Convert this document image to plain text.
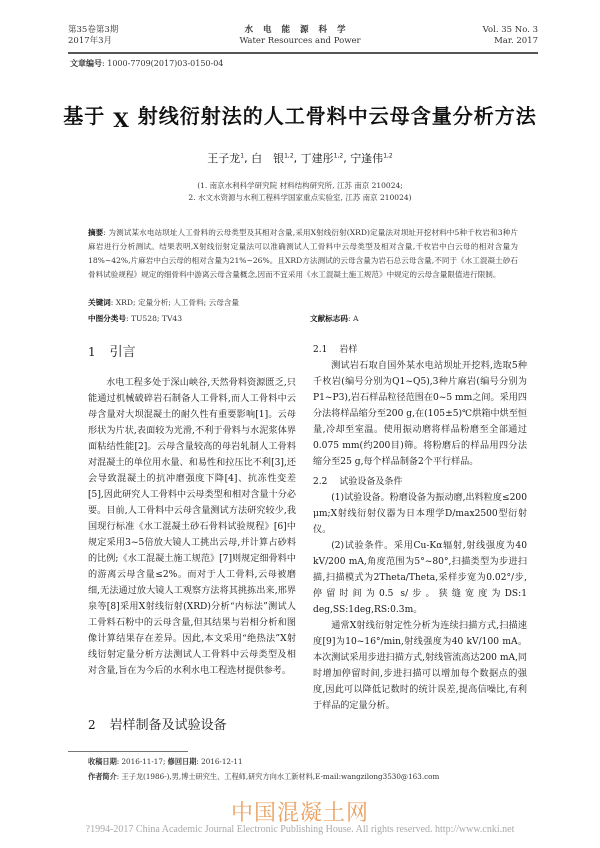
第35卷第3期
2017年3月
水电能源科学
Water Resources and Power
Vol. 35 No. 3
Mar. 2017
文章编号: 1000-7709(2017)03-0150-04
基于 X 射线衍射法的人工骨料中云母含量分析方法
王子龙$^1$, 白　银$^{1,2}$, 丁建彤$^{1,2}$, 宁逢伟$^{1,2}$
(1. 南京水利科学研究院 材料结构研究所, 江苏 南京 210024;
2. 水文水资源与水利工程科学国家重点实验室, 江苏 南京 210024)
摘要: 为测试某水电站坝址人工骨料的云母类型及其相对含量,采用X射线衍射(XRD)定量法对坝址开挖材料中5种千枚岩和3种片麻岩进行分析测试。结果表明,X射线衍射定量法可以准确测试人工骨料中云母类型及相对含量,千枚岩中白云母的相对含量为18%~42%,片麻岩中白云母的相对含量为21%~26%。且XRD方法测试的云母含量为岩石总云母含量,不同于《水工混凝土砂石骨料试验规程》规定的细骨料中游离云母含量概念,因而不宜采用《水工混凝土施工规范》中规定的云母含量限值进行限制。
关键词: XRD; 定量分析; 人工骨料; 云母含量
中图分类号: TU528; TV43	文献标志码: A
1 引言

水电工程多处于深山峡谷,天然骨料资源匮乏,只能通过机械破碎岩石制备人工骨料,而人工骨料中云母含量对大坝混凝土的耐久性有重要影响[1]。云母形状为片状,表面较为光滑,不利于骨料与水泥浆体界面粘结性能[2]。云母含量较高的母岩轧制人工骨料对混凝土的单位用水量、和易性和拉压比不利[3],还会导致混凝土的抗冲磨强度下降[4]、抗冻性变差[5],因此研究人工骨料中云母类型和相对含量十分必要。目前,人工骨料中云母含量测试方法研究较少,我国现行标准《水工混凝土砂石骨料试验规程》[6]中规定采用3~5倍放大镜人工挑出云母,并计算占砂料的比例;《水工混凝土施工规范》[7]则规定细骨料中的游离云母含量≤2%。而对于人工骨料,云母被磨细,无法通过放大镜人工观察方法将其挑拣出来,邢界泉等[8]采用X射线衍射(XRD)分析“内标法”测试人工骨料石粉中的云母含量,但其结果与岩相分析和图像计算结果存在差异。因此,本文采用“绝热法”X射线衍射定量分析方法测试人工骨料中云母类型及相对含量,旨在为今后的水利水电工程选材提供参考。

2 岩样制备及试验设备
2.1 岩样

测试岩石取自国外某水电站坝址开挖料,选取5种千枚岩(编号分别为Q1~Q5),3种片麻岩(编号分别为P1~P3),岩石样品粒径范围在0~5 mm之间。采用四分法将样品缩分至200 g,在(105±5)℃烘箱中烘至恒量,冷却至室温。使用振动磨将样品粉磨至全部通过0.075 mm(约200目)筛。将粉磨后的样品用四分法缩分至25 g,每个样品制备2个平行样品。

2.2 试验设备及条件

(1)试验设备。粉磨设备为振动磨,出料粒度≤200 μm;X射线衍射仪器为日本理学D/max2500型衍射仪。

(2)试验条件。采用Cu-Kα辐射,射线强度为40 kV/200 mA,角度范围为5°~80°,扫描类型为步进扫描,扫描模式为2Theta/Theta,采样步宽为0.02°/步,停留时间为0.5 s/步。狭缝宽度为DS:1 deg,SS:1deg,RS:0.3m。

通常X射线衍射定性分析为连续扫描方式,扫描速度[9]为10~16°/min,射线强度为40 kV/100 mA。本次测试采用步进扫描方式,射线管流高达200 mA,同时增加停留时间,步进扫描可以增加每个数据点的强度,因此可以降低记数时的统计误差,提高信噪比,有利于样品的定量分析。

收稿日期: 2016-11-17; 修回日期: 2016-12-11
作者简介: 王子龙(1986-),男,博士研究生、工程师,研究方向水工新材料,E-mail:wangzilong3530@163.com
中国混凝土网
?1994-2017 China Academic Journal Electronic Publishing House. All rights reserved. http://www.cnki.net
